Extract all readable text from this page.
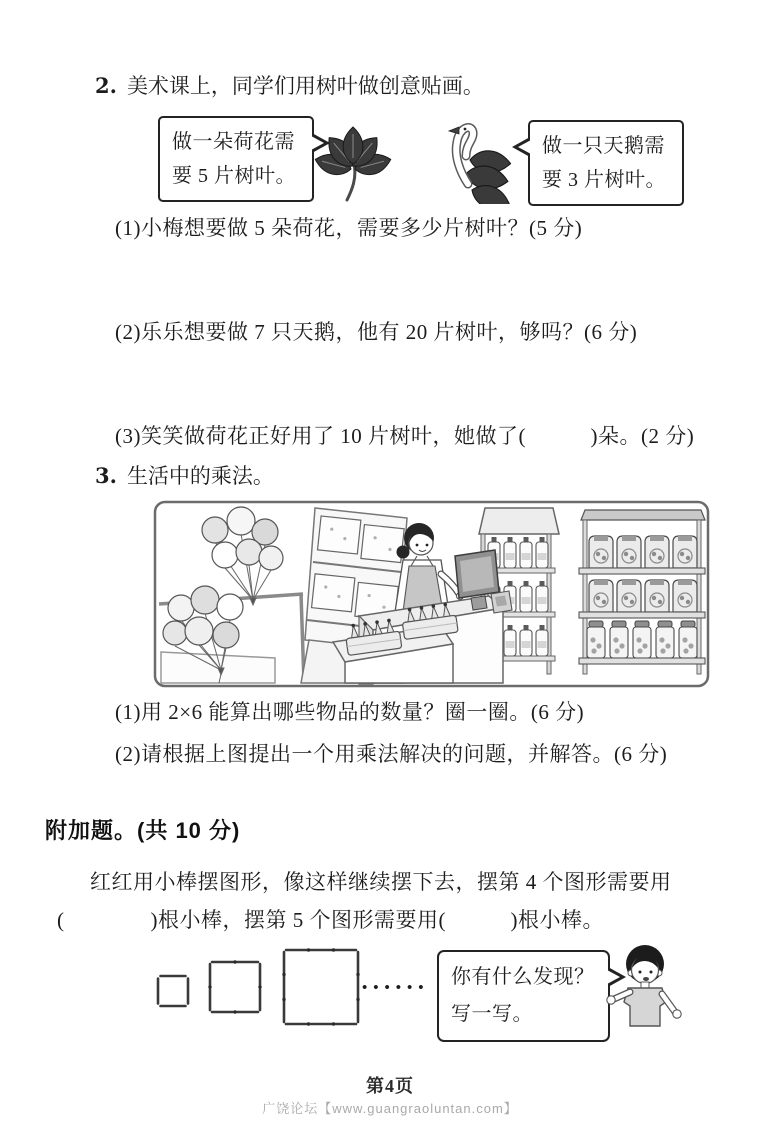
2. 美术课上，同学们用树叶做创意贴画。
做一朵荷花需要 5 片树叶。
做一只天鹅需要 3 片树叶。
(1)小梅想要做 5 朵荷花，需要多少片树叶？(5 分)
(2)乐乐想要做 7 只天鹅，他有 20 片树叶，够吗？(6 分)
(3)笑笑做荷花正好用了 10 片树叶，她做了(　　　)朵。(2 分)
3. 生活中的乘法。
(1)用 2×6 能算出哪些物品的数量？圈一圈。(6 分)
(2)请根据上图提出一个用乘法解决的问题，并解答。(6 分)
附加题。(共 10 分)
红红用小棒摆图形，像这样继续摆下去，摆第 4 个图形需要用
(　　　　)根小棒，摆第 5 个图形需要用(　　　)根小棒。
••••••	你有什么发现？写一写。
第4页
广饶论坛【www.guangraoluntan.com】
